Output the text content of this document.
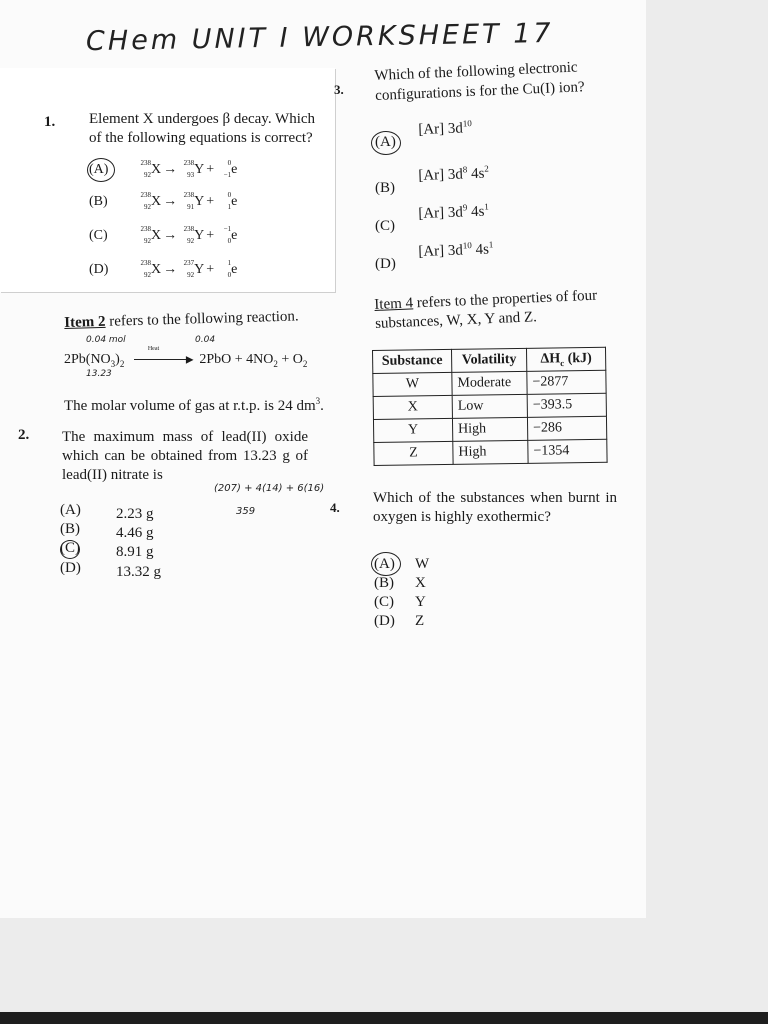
CHem UNIT I WORKSHEET 17
1. Element X undergoes β decay. Which of the following equations is correct?
(A)	238
92 X → 238
93 Y + 0
−1 e
(B)	238
92 X → 238
91 Y + 0
1 e
(C)	238
92 X → 238
92 Y + −1
0 e
(D)	238
92 X → 237
92 Y + 1
0 e
Item 2 refers to the following reaction.
0.04 mol	0.04
$2Pb(NO_3)_2$
Heat
▶ $2PbO + 4NO_2 + O_2$
13.23
The molar volume of gas at r.t.p. is 24 $dm^3$.
2. The maximum mass of lead(II) oxide which can be obtained from 13.23 g of lead(II) nitrate is
(207) + 4(14) + 6(16)
359
(A) 2.23 g
(B) 4.46 g
(C) 8.91 g
(D) 13.32 g
3.
Which of the following electronic configurations is for the Cu(I) ion?
(A)
[Ar] $3d^{10}$
(B)
[Ar] $3d^8$ $4s^2$
(C)
[Ar] $3d^9$ $4s^1$
(D)
[Ar] $3d^{10}$ $4s^1$
Item 4 refers to the properties of four substances, W, X, Y and Z.
Substance	Volatility	$\Delta H_c$ (kJ)
W	Moderate	−2877
X	Low	−393.5
Y	High	−286
Z	High	−1354
4.
Which of the substances when burnt in oxygen is highly exothermic?
(A) W
(B) X
(C) Y
(D) Z
